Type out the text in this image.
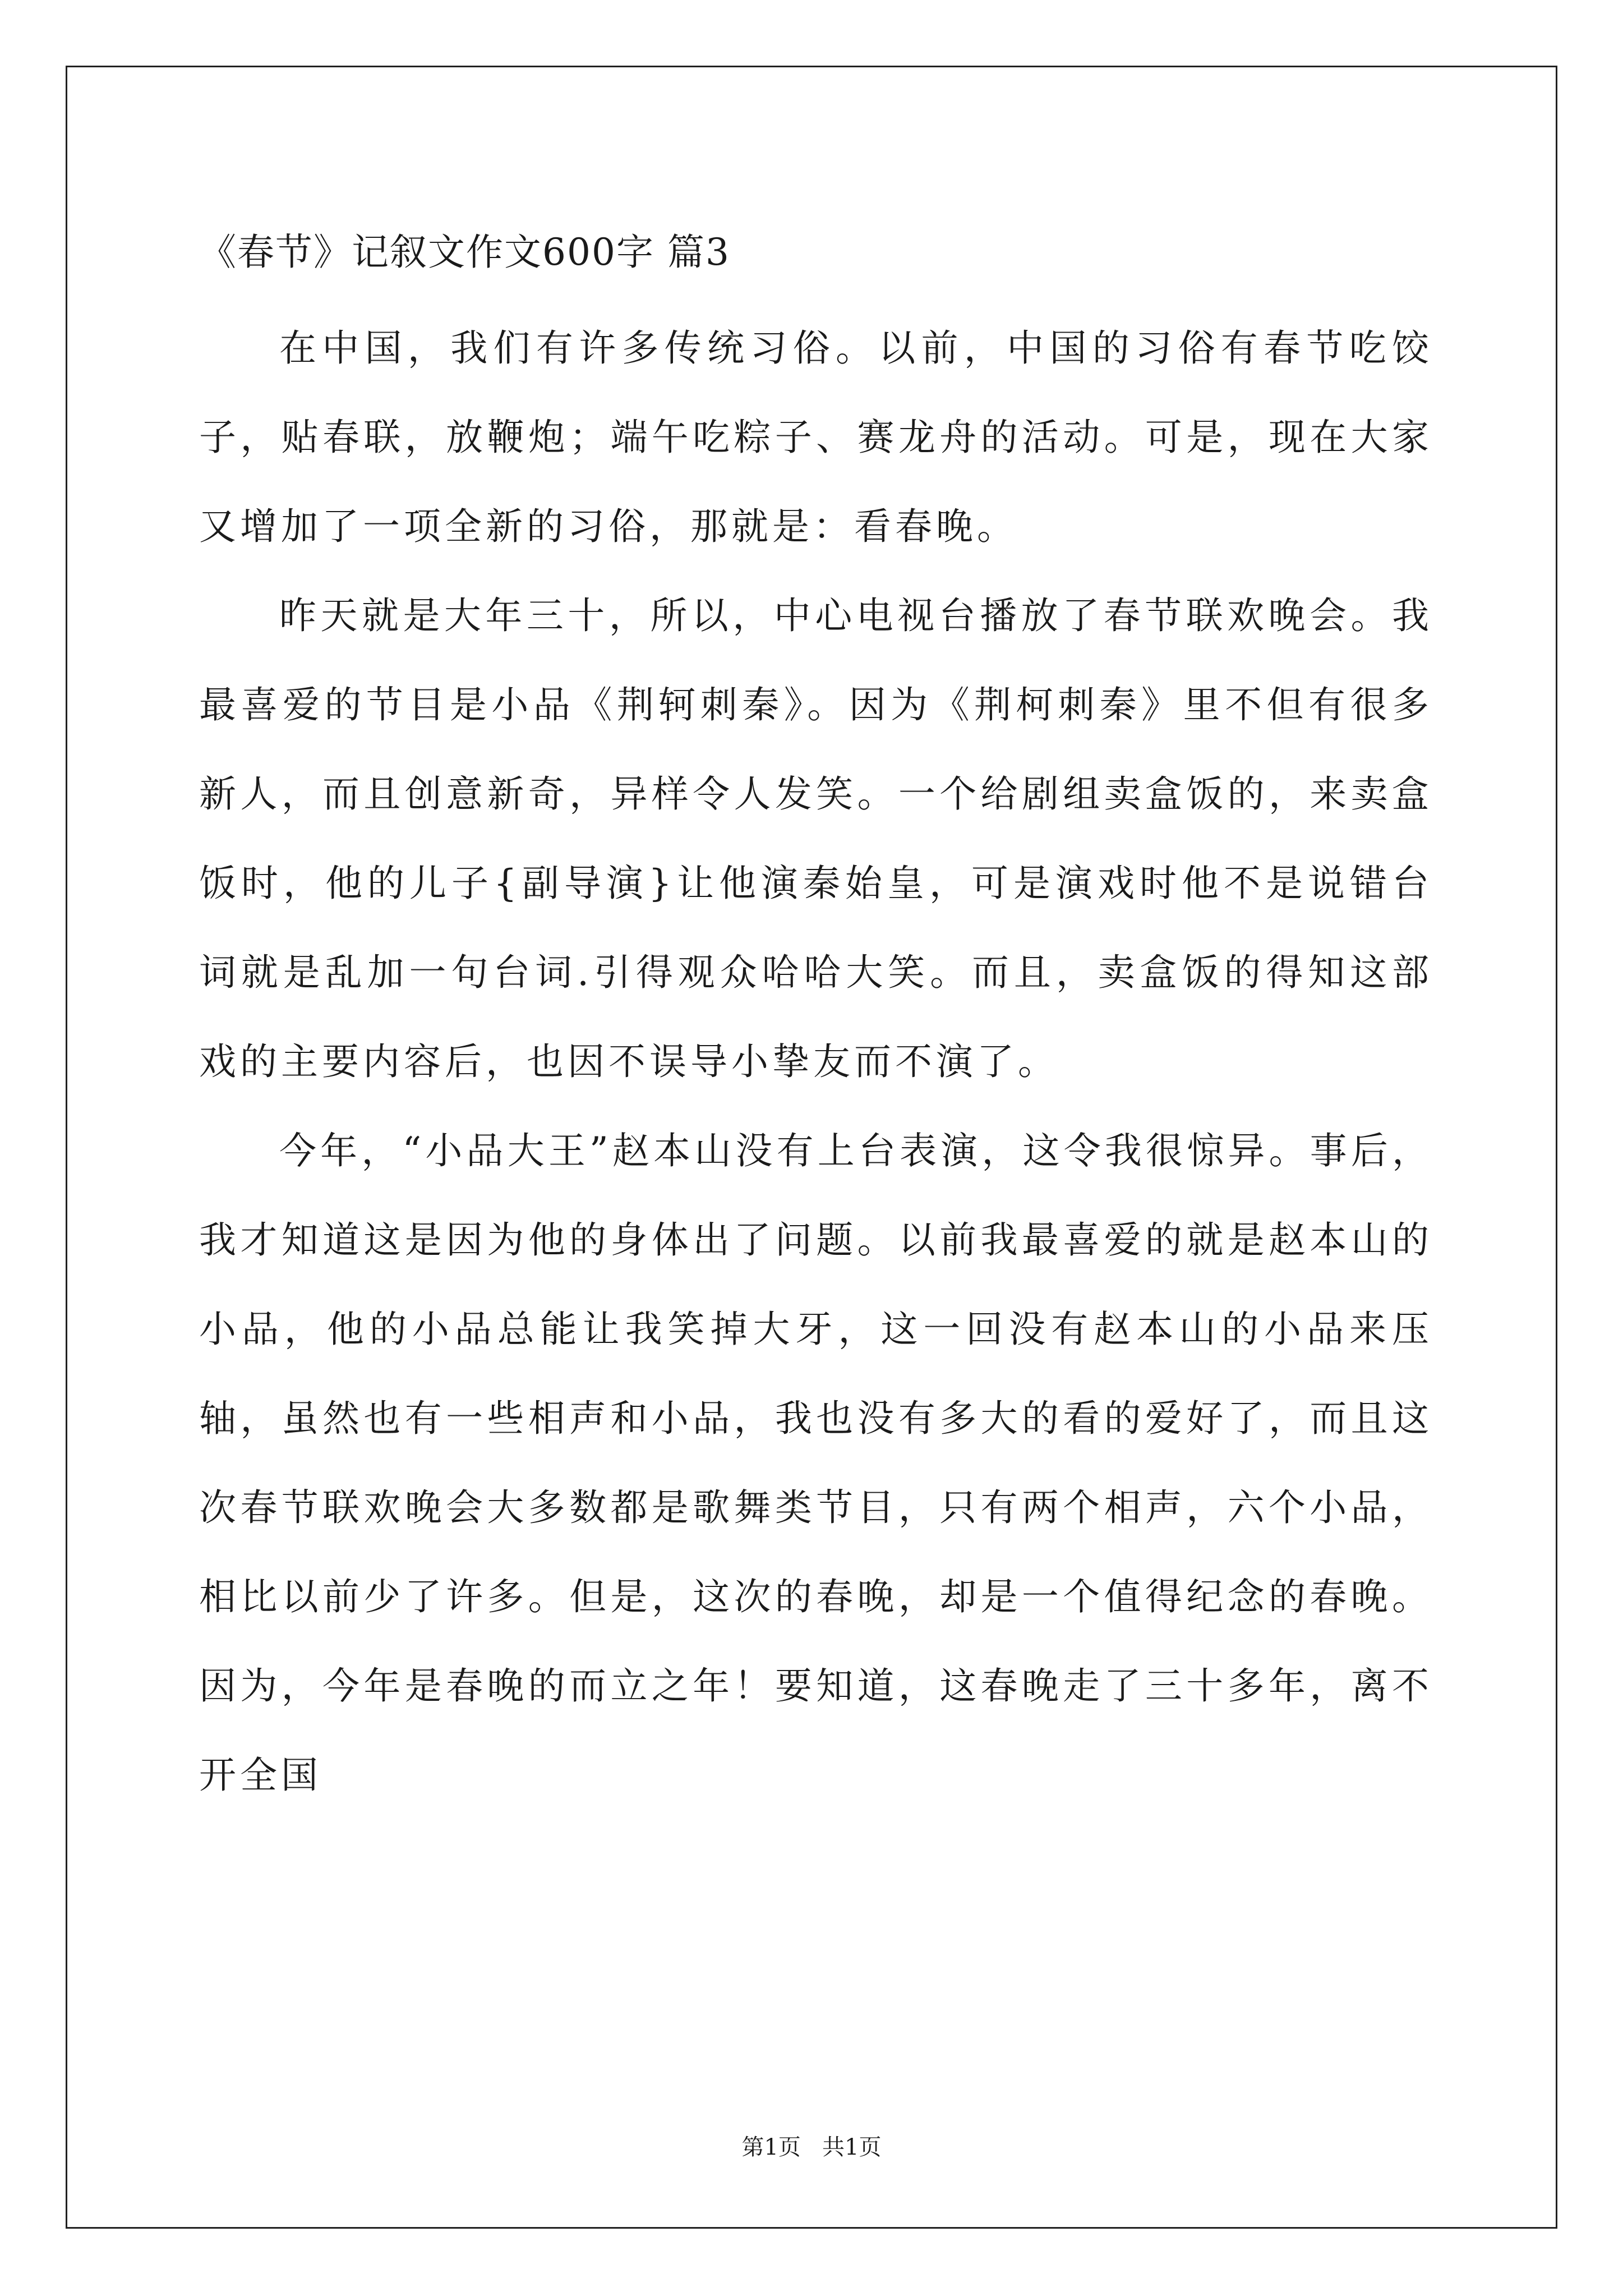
《春节》记叙文作文600字 篇3

在中国，我们有许多传统习俗。以前，中国的习俗有春节吃饺子，贴春联，放鞭炮；端午吃粽子、赛龙舟的活动。可是，现在大家又增加了一项全新的习俗，那就是：看春晚。

昨天就是大年三十，所以，中心电视台播放了春节联欢晚会。我最喜爱的节目是小品《荆轲刺秦》。因为《荆柯刺秦》里不但有很多新人，而且创意新奇，异样令人发笑。一个给剧组卖盒饭的，来卖盒饭时，他的儿子{副导演}让他演秦始皇，可是演戏时他不是说错台词就是乱加一句台词.引得观众哈哈大笑。而且，卖盒饭的得知这部戏的主要内容后，也因不误导小挚友而不演了。

今年，“小品大王”赵本山没有上台表演，这令我很惊异。事后，我才知道这是因为他的身体出了问题。以前我最喜爱的就是赵本山的小品，他的小品总能让我笑掉大牙，这一回没有赵本山的小品来压轴，虽然也有一些相声和小品，我也没有多大的看的爱好了，而且这次春节联欢晚会大多数都是歌舞类节目，只有两个相声，六个小品，相比以前少了许多。但是，这次的春晚，却是一个值得纪念的春晚。因为，今年是春晚的而立之年！要知道，这春晚走了三十多年，离不开全国

第1页   共1页
